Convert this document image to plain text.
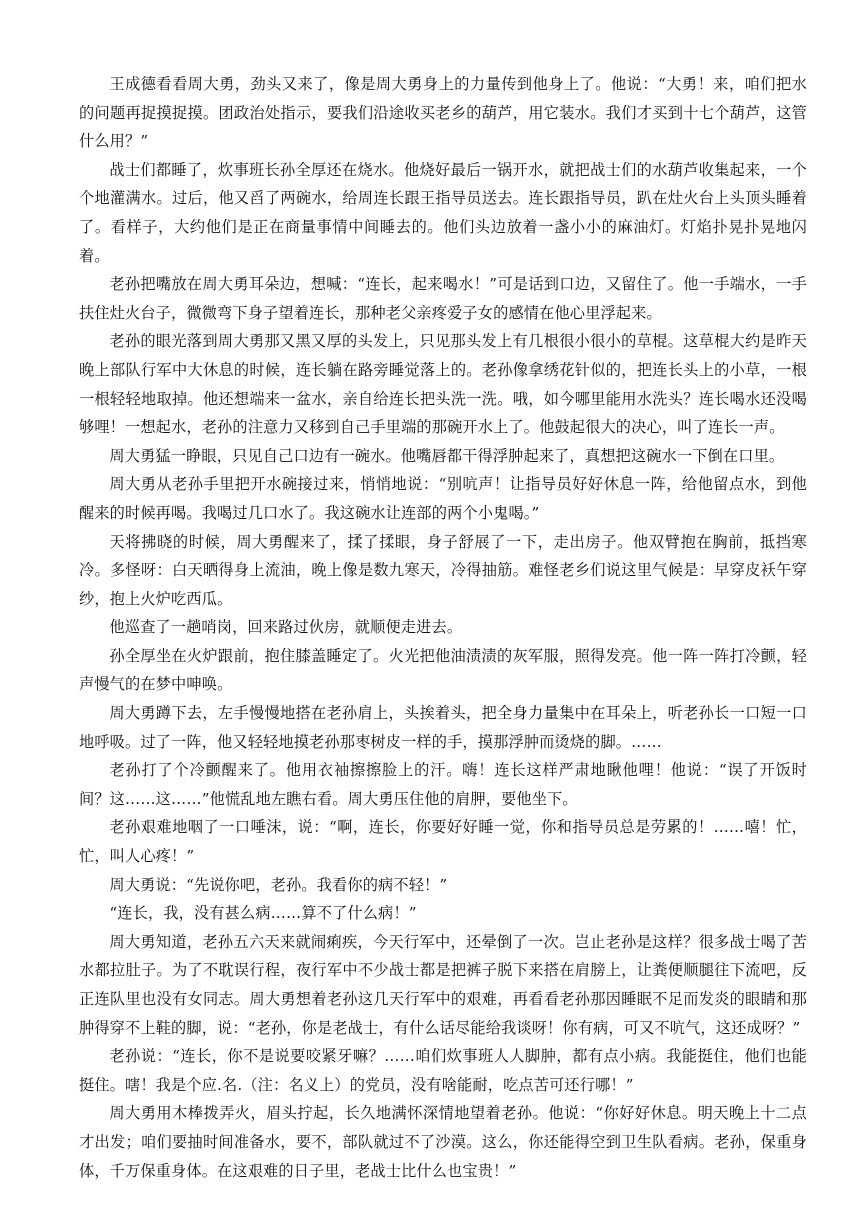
王成德看看周大勇，劲头又来了，像是周大勇身上的力量传到他身上了。他说：“大勇！来，咱们把水的问题再捉摸捉摸。团政治处指示，要我们沿途收买老乡的葫芦，用它装水。我们才买到十七个葫芦，这管什么用？”

战士们都睡了，炊事班长孙全厚还在烧水。他烧好最后一锅开水，就把战士们的水葫芦收集起来，一个个地灌满水。过后，他又舀了两碗水，给周连长跟王指导员送去。连长跟指导员，趴在灶火台上头顶头睡着了。看样子，大约他们是正在商量事情中间睡去的。他们头边放着一盏小小的麻油灯。灯焰扑晃扑晃地闪着。

老孙把嘴放在周大勇耳朵边，想喊：“连长，起来喝水！”可是话到口边，又留住了。他一手端水，一手扶住灶火台子，微微弯下身子望着连长，那种老父亲疼爱子女的感情在他心里浮起来。

老孙的眼光落到周大勇那又黑又厚的头发上，只见那头发上有几根很小很小的草棍。这草棍大约是昨天晚上部队行军中大休息的时候，连长躺在路旁睡觉落上的。老孙像拿绣花针似的，把连长头上的小草，一根一根轻轻地取掉。他还想端来一盆水，亲自给连长把头洗一洗。哦，如今哪里能用水洗头？连长喝水还没喝够哩！一想起水，老孙的注意力又移到自己手里端的那碗开水上了。他鼓起很大的决心，叫了连长一声。

周大勇猛一睁眼，只见自己口边有一碗水。他嘴唇都干得浮肿起来了，真想把这碗水一下倒在口里。

周大勇从老孙手里把开水碗接过来，悄悄地说：“别吭声！让指导员好好休息一阵，给他留点水，到他醒来的时候再喝。我喝过几口水了。我这碗水让连部的两个小鬼喝。”

天将拂晓的时候，周大勇醒来了，揉了揉眼，身子舒展了一下，走出房子。他双臂抱在胸前，抵挡寒冷。多怪呀：白天晒得身上流油，晚上像是数九寒天，冷得抽筋。难怪老乡们说这里气候是：早穿皮袄午穿纱，抱上火炉吃西瓜。

他巡查了一趟哨岗，回来路过伙房，就顺便走进去。

孙全厚坐在火炉跟前，抱住膝盖睡定了。火光把他油渍渍的灰军服，照得发亮。他一阵一阵打冷颤，轻声慢气的在梦中呻唤。

周大勇蹲下去，左手慢慢地搭在老孙肩上，头挨着头，把全身力量集中在耳朵上，听老孙长一口短一口地呼吸。过了一阵，他又轻轻地摸老孙那枣树皮一样的手，摸那浮肿而烫烧的脚。……

老孙打了个冷颤醒来了。他用衣袖擦擦脸上的汗。嗨！连长这样严肃地瞅他哩！他说：“误了开饭时间？这……这……”他慌乱地左瞧右看。周大勇压住他的肩胛，要他坐下。

老孙艰难地咽了一口唾沫，说：“啊，连长，你要好好睡一觉，你和指导员总是劳累的！……嘻！忙，忙，叫人心疼！”

周大勇说：“先说你吧，老孙。我看你的病不轻！”

“连长，我，没有甚么病……算不了什么病！”

周大勇知道，老孙五六天来就闹痢疾，今天行军中，还晕倒了一次。岂止老孙是这样？很多战士喝了苦水都拉肚子。为了不耽误行程，夜行军中不少战士都是把裤子脱下来搭在肩膀上，让粪便顺腿往下流吧，反正连队里也没有女同志。周大勇想着老孙这几天行军中的艰难，再看看老孙那因睡眠不足而发炎的眼睛和那肿得穿不上鞋的脚，说：“老孙，你是老战士，有什么话尽能给我谈呀！你有病，可又不吭气，这还成呀？”

老孙说：“连长，你不是说要咬紧牙嘛？……咱们炊事班人人脚肿，都有点小病。我能挺住，他们也能挺住。嗐！我是个应.名.（注：名义上）的党员，没有啥能耐，吃点苦可还行哪！”

周大勇用木棒拨弄火，眉头拧起，长久地满怀深情地望着老孙。他说：“你好好休息。明天晚上十二点才出发；咱们要抽时间准备水，要不，部队就过不了沙漠。这么，你还能得空到卫生队看病。老孙，保重身体，千万保重身体。在这艰难的日子里，老战士比什么也宝贵！”
